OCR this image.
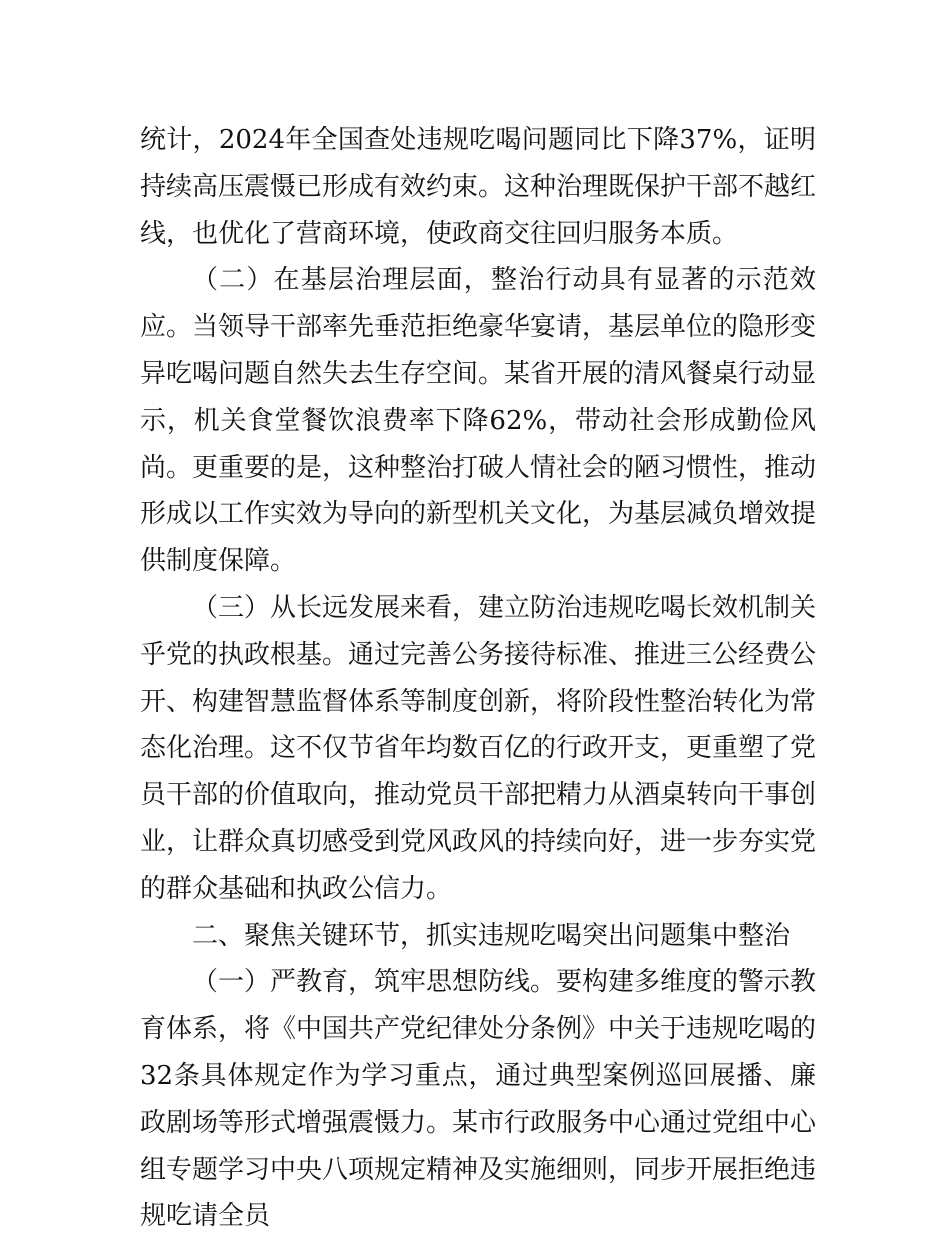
统计，2024年全国查处违规吃喝问题同比下降37%，证明持续高压震慑已形成有效约束。这种治理既保护干部不越红线，也优化了营商环境，使政商交往回归服务本质。

（二）在基层治理层面，整治行动具有显著的示范效应。当领导干部率先垂范拒绝豪华宴请，基层单位的隐形变异吃喝问题自然失去生存空间。某省开展的清风餐桌行动显示，机关食堂餐饮浪费率下降62%，带动社会形成勤俭风尚。更重要的是，这种整治打破人情社会的陋习惯性，推动形成以工作实效为导向的新型机关文化，为基层减负增效提供制度保障。

（三）从长远发展来看，建立防治违规吃喝长效机制关乎党的执政根基。通过完善公务接待标准、推进三公经费公开、构建智慧监督体系等制度创新，将阶段性整治转化为常态化治理。这不仅节省年均数百亿的行政开支，更重塑了党员干部的价值取向，推动党员干部把精力从酒桌转向干事创业，让群众真切感受到党风政风的持续向好，进一步夯实党的群众基础和执政公信力。

二、聚焦关键环节，抓实违规吃喝突出问题集中整治

（一）严教育，筑牢思想防线。要构建多维度的警示教育体系，将《中国共产党纪律处分条例》中关于违规吃喝的32条具体规定作为学习重点，通过典型案例巡回展播、廉政剧场等形式增强震慑力。某市行政服务中心通过党组中心组专题学习中央八项规定精神及实施细则，同步开展拒绝违规吃请全员
